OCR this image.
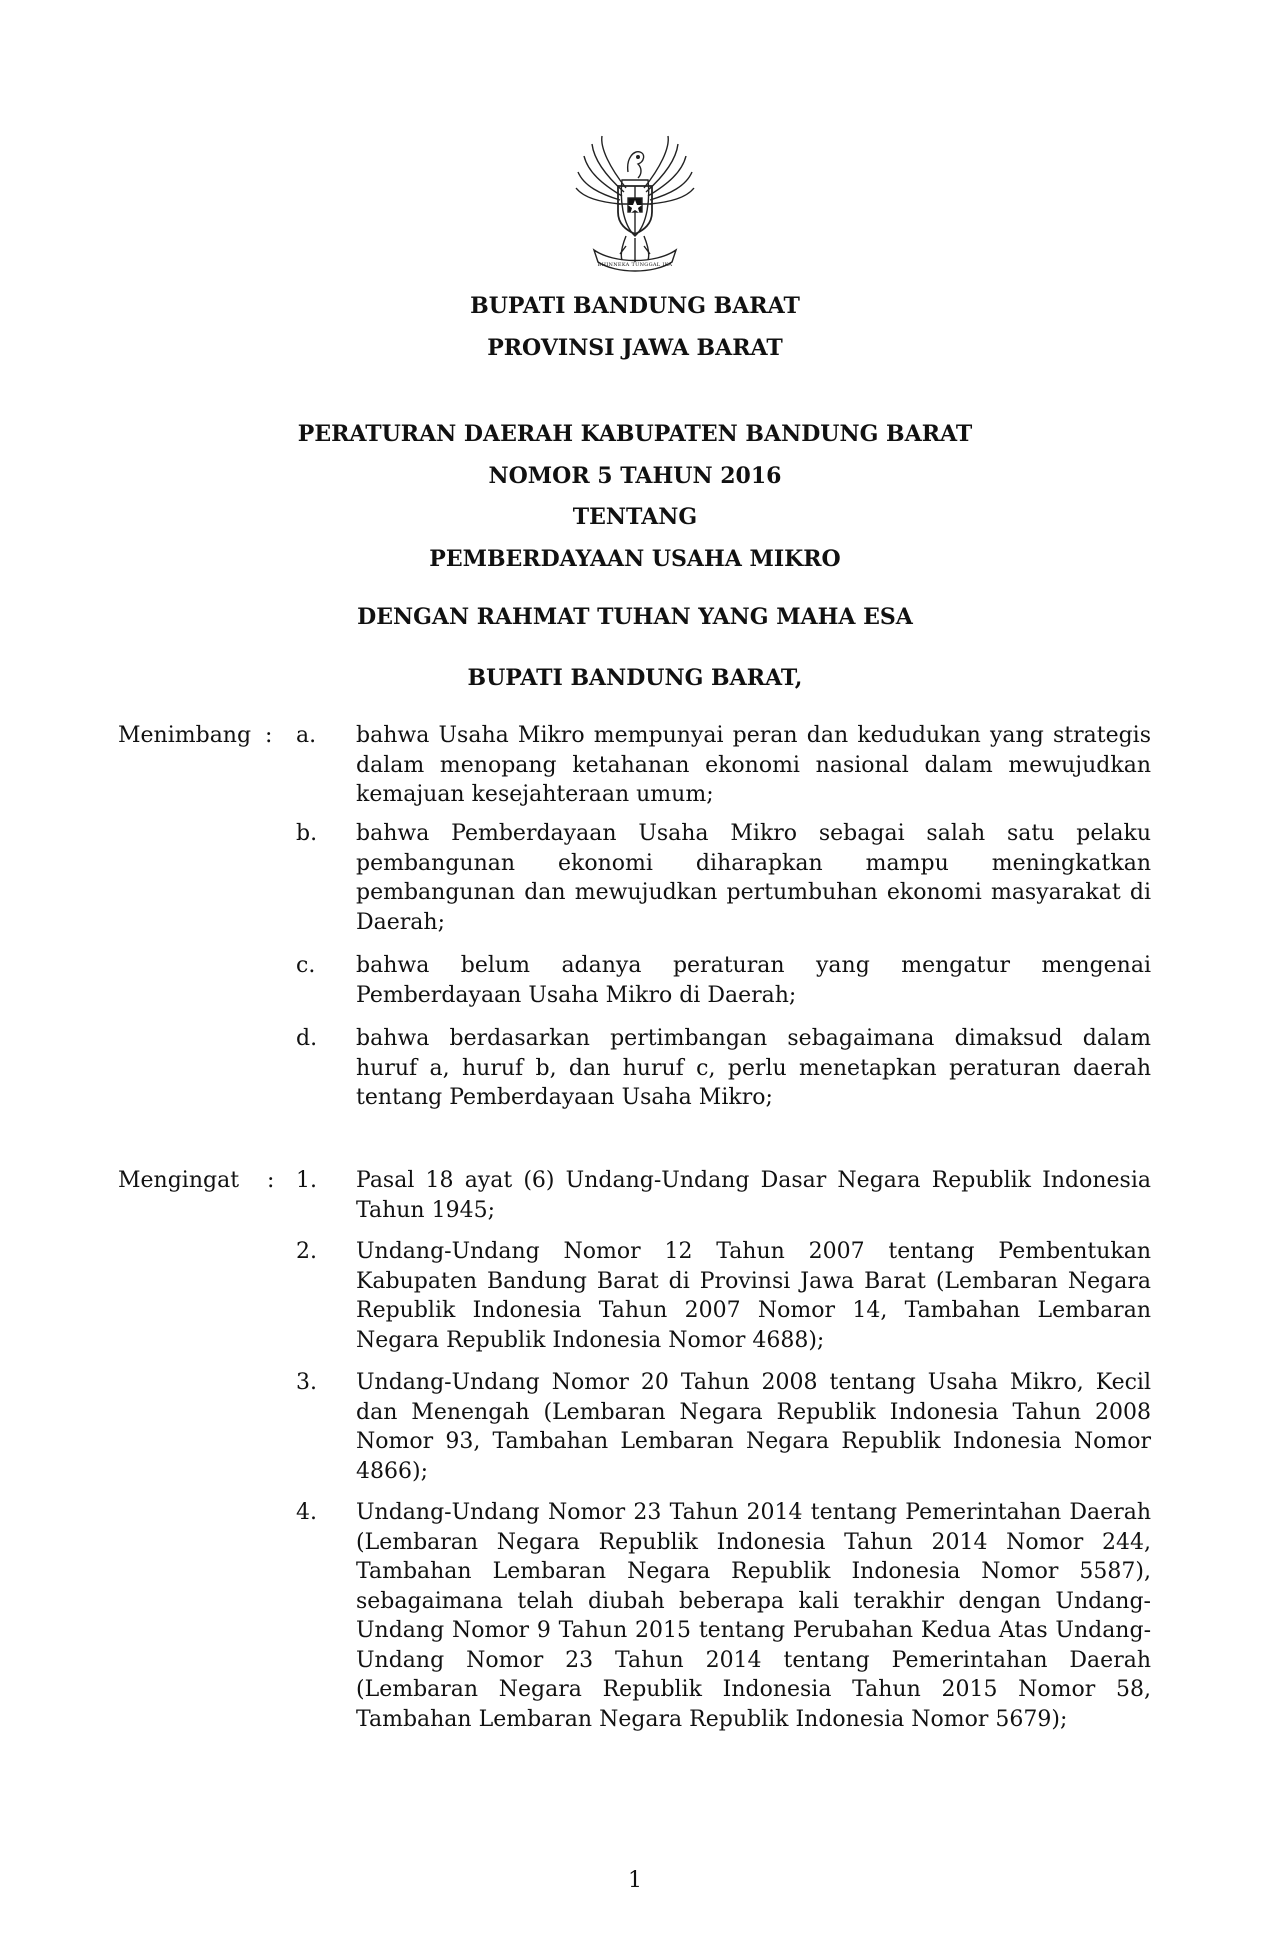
BHINNEKA TUNGGAL IKA
BUPATI BANDUNG BARAT
PROVINSI JAWA BARAT
PERATURAN DAERAH KABUPATEN BANDUNG BARAT
NOMOR 5 TAHUN 2016
TENTANG
PEMBERDAYAAN USAHA MIKRO
DENGAN RAHMAT TUHAN YANG MAHA ESA
BUPATI BANDUNG BARAT,
Menimbang : a. bahwa Usaha Mikro mempunyai peran dan kedudukan yang strategis dalam menopang ketahanan ekonomi nasional dalam mewujudkan kemajuan kesejahteraan umum;
b. bahwa Pemberdayaan Usaha Mikro sebagai salah satu pelaku pembangunan ekonomi diharapkan mampu meningkatkan pembangunan dan mewujudkan pertumbuhan ekonomi masyarakat di Daerah;
c. bahwa belum adanya peraturan yang mengatur mengenai Pemberdayaan Usaha Mikro di Daerah;
d. bahwa berdasarkan pertimbangan sebagaimana dimaksud dalam huruf a, huruf b, dan huruf c, perlu menetapkan peraturan daerah tentang Pemberdayaan Usaha Mikro;
Mengingat : 1. Pasal 18 ayat (6) Undang-Undang Dasar Negara Republik Indonesia Tahun 1945;
2. Undang-Undang Nomor 12 Tahun 2007 tentang Pembentukan Kabupaten Bandung Barat di Provinsi Jawa Barat (Lembaran Negara Republik Indonesia Tahun 2007 Nomor 14, Tambahan Lembaran Negara Republik Indonesia Nomor 4688);
3. Undang-Undang Nomor 20 Tahun 2008 tentang Usaha Mikro, Kecil dan Menengah (Lembaran Negara Republik Indonesia Tahun 2008 Nomor 93, Tambahan Lembaran Negara Republik Indonesia Nomor 4866);
4. Undang-Undang Nomor 23 Tahun 2014 tentang Pemerintahan Daerah (Lembaran Negara Republik Indonesia Tahun 2014 Nomor 244, Tambahan Lembaran Negara Republik Indonesia Nomor 5587), sebagaimana telah diubah beberapa kali terakhir dengan Undang-Undang Nomor 9 Tahun 2015 tentang Perubahan Kedua Atas Undang-Undang Nomor 23 Tahun 2014 tentang Pemerintahan Daerah (Lembaran Negara Republik Indonesia Tahun 2015 Nomor 58, Tambahan Lembaran Negara Republik Indonesia Nomor 5679);
1
